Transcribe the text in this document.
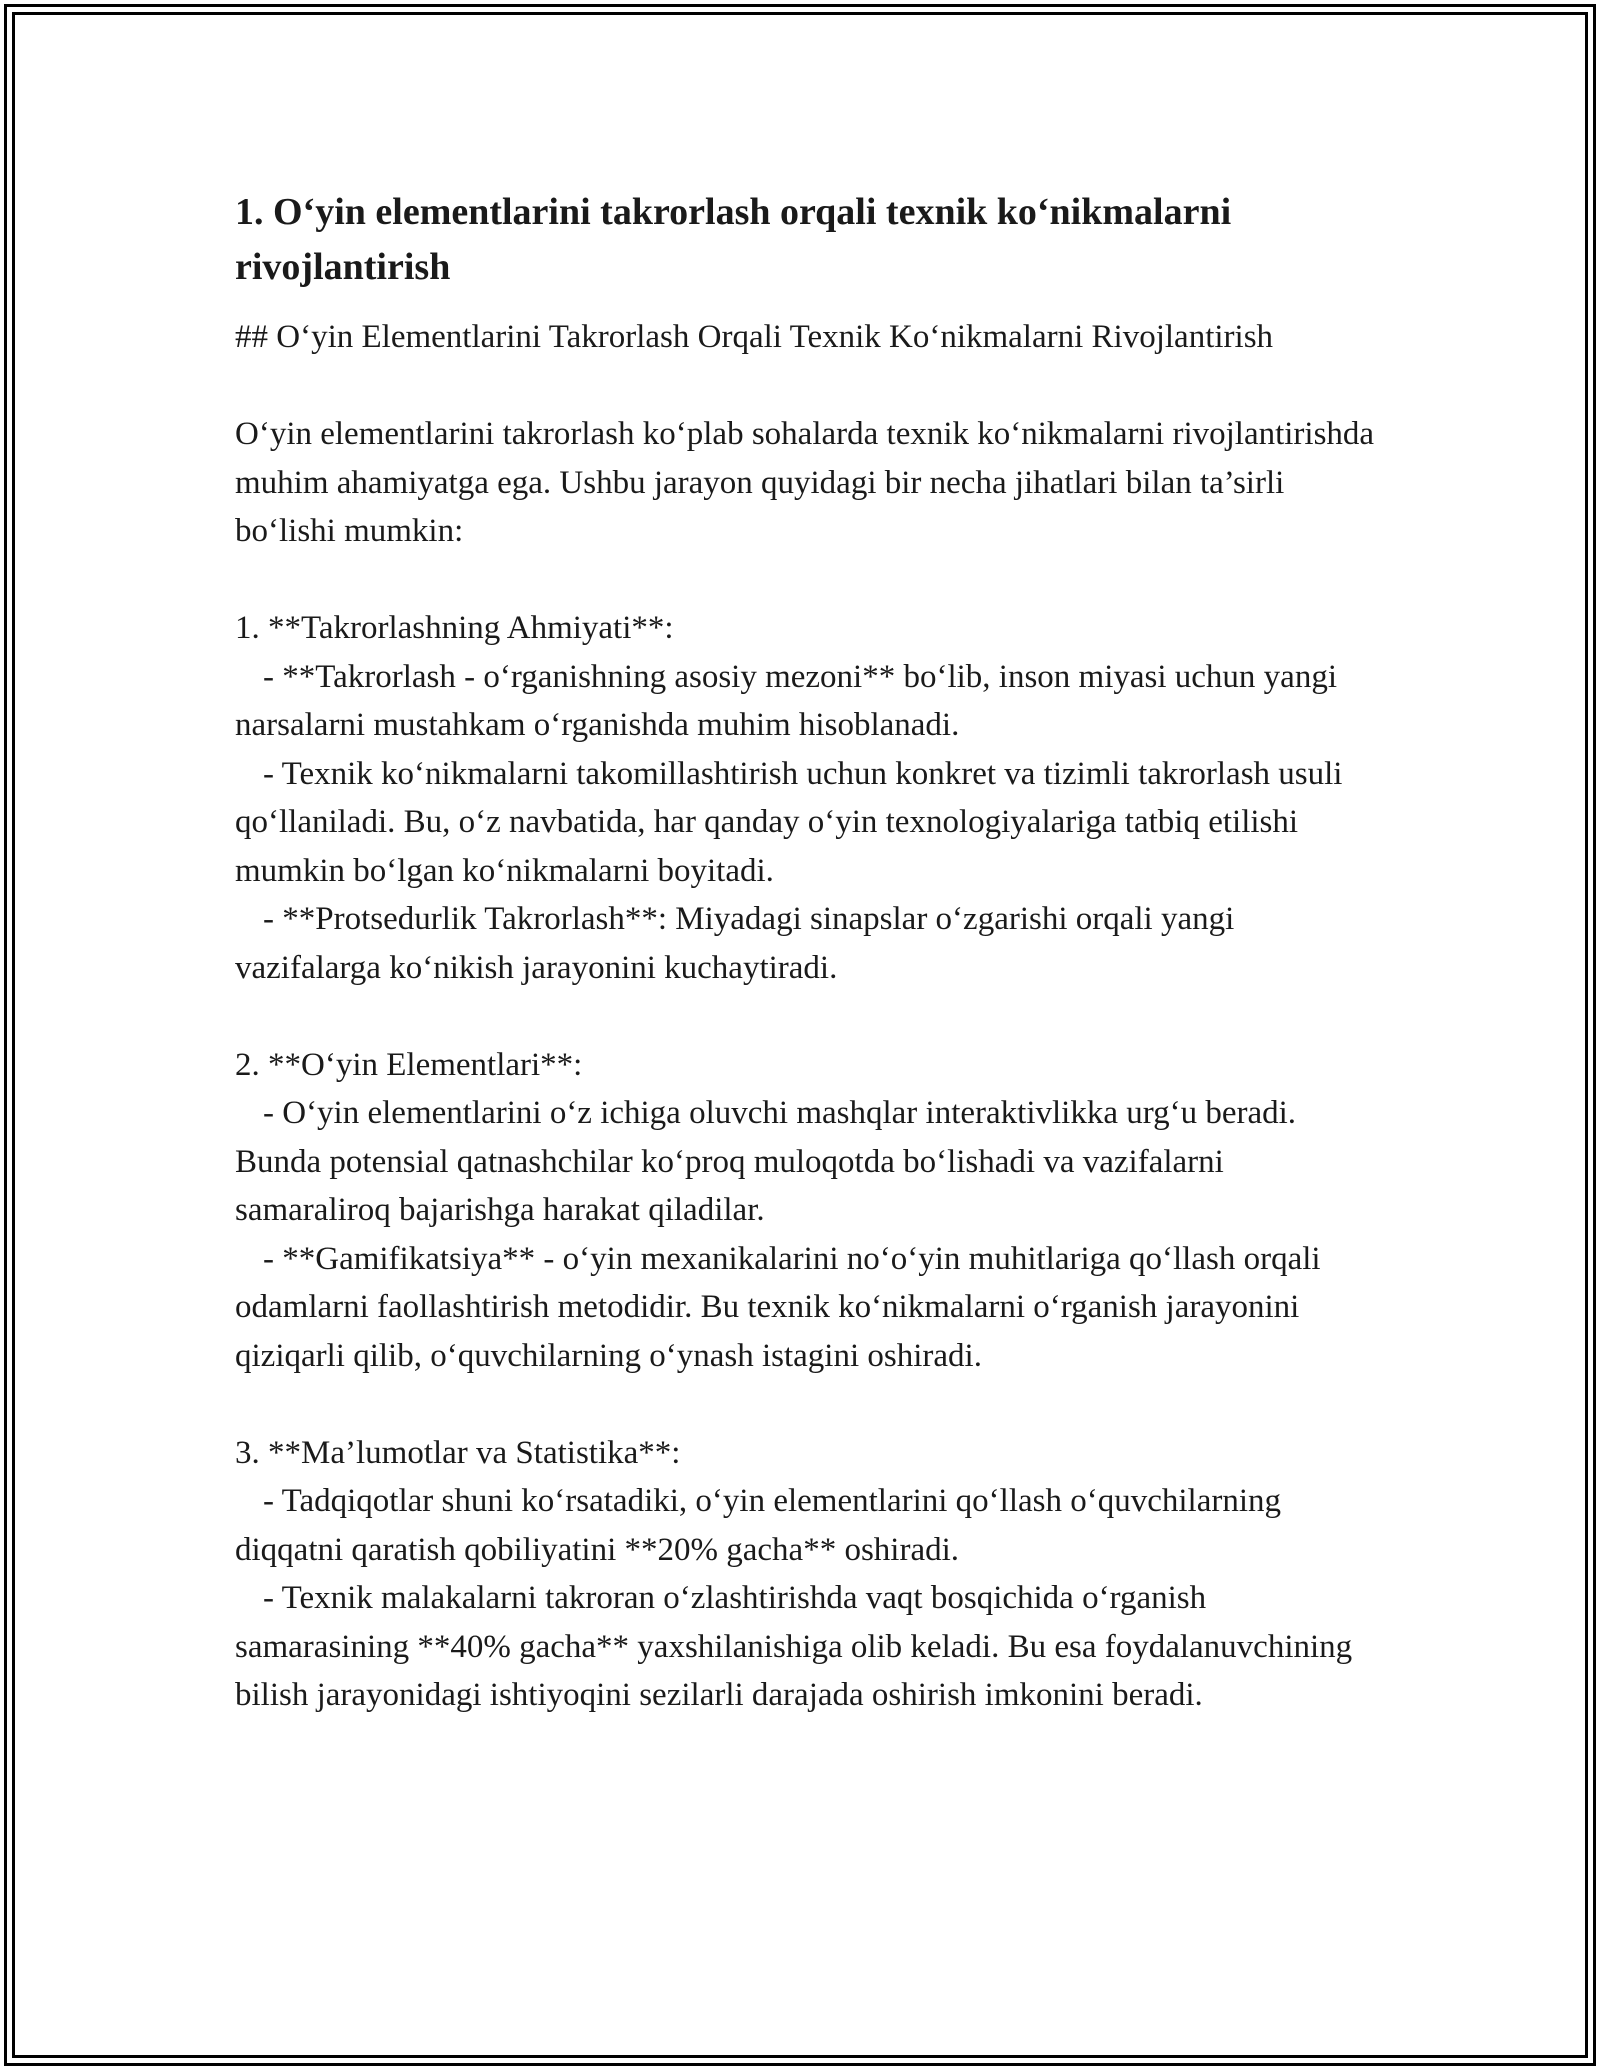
1. O‘yin elementlarini takrorlash orqali texnik ko‘nikmalarni rivojlantirish

## O‘yin Elementlarini Takrorlash Orqali Texnik Ko‘nikmalarni Rivojlantirish

O‘yin elementlarini takrorlash ko‘plab sohalarda texnik ko‘nikmalarni rivojlantirishda muhim ahamiyatga ega. Ushbu jarayon quyidagi bir necha jihatlari bilan ta’sirli bo‘lishi mumkin:

1. **Takrorlashning Ahmiyati**:

- **Takrorlash - o‘rganishning asosiy mezoni** bo‘lib, inson miyasi uchun yangi narsalarni mustahkam o‘rganishda muhim hisoblanadi.

- Texnik ko‘nikmalarni takomillashtirish uchun konkret va tizimli takrorlash usuli qo‘llaniladi. Bu, o‘z navbatida, har qanday o‘yin texnologiyalariga tatbiq etilishi mumkin bo‘lgan ko‘nikmalarni boyitadi.

- **Protsedurlik Takrorlash**: Miyadagi sinapslar o‘zgarishi orqali yangi vazifalarga ko‘nikish jarayonini kuchaytiradi.

2. **O‘yin Elementlari**:

- O‘yin elementlarini o‘z ichiga oluvchi mashqlar interaktivlikka urg‘u beradi. Bunda potensial qatnashchilar ko‘proq muloqotda bo‘lishadi va vazifalarni samaraliroq bajarishga harakat qiladilar.

- **Gamifikatsiya** - o‘yin mexanikalarini no‘o‘yin muhitlariga qo‘llash orqali odamlarni faollashtirish metodidir. Bu texnik ko‘nikmalarni o‘rganish jarayonini qiziqarli qilib, o‘quvchilarning o‘ynash istagini oshiradi.

3. **Ma’lumotlar va Statistika**:

- Tadqiqotlar shuni ko‘rsatadiki, o‘yin elementlarini qo‘llash o‘quvchilarning diqqatni qaratish qobiliyatini **20% gacha** oshiradi.

- Texnik malakalarni takroran o‘zlashtirishda vaqt bosqichida o‘rganish samarasining **40% gacha** yaxshilanishiga olib keladi. Bu esa foydalanuvchining bilish jarayonidagi ishtiyoqini sezilarli darajada oshirish imkonini beradi.
